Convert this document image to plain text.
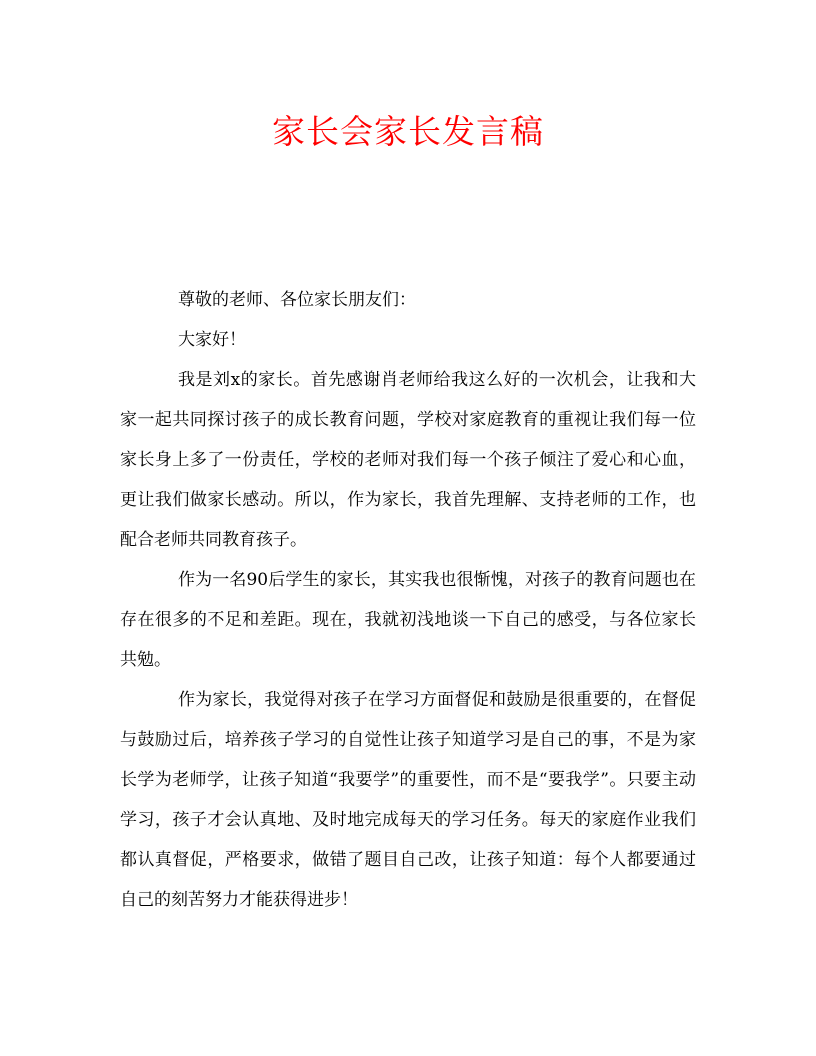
家长会家长发言稿

尊敬的老师、各位家长朋友们：

大家好！

我是刘x的家长。首先感谢肖老师给我这么好的一次机会，让我和大家一起共同探讨孩子的成长教育问题，学校对家庭教育的重视让我们每一位家长身上多了一份责任，学校的老师对我们每一个孩子倾注了爱心和心血，更让我们做家长感动。所以，作为家长，我首先理解、支持老师的工作，也配合老师共同教育孩子。

作为一名90后学生的家长，其实我也很惭愧，对孩子的教育问题也在存在很多的不足和差距。现在，我就初浅地谈一下自己的感受，与各位家长共勉。

作为家长，我觉得对孩子在学习方面督促和鼓励是很重要的，在督促与鼓励过后，培养孩子学习的自觉性让孩子知道学习是自己的事，不是为家长学为老师学，让孩子知道“我要学”的重要性，而不是“要我学”。只要主动学习，孩子才会认真地、及时地完成每天的学习任务。每天的家庭作业我们都认真督促，严格要求，做错了题目自己改，让孩子知道：每个人都要通过自己的刻苦努力才能获得进步！
